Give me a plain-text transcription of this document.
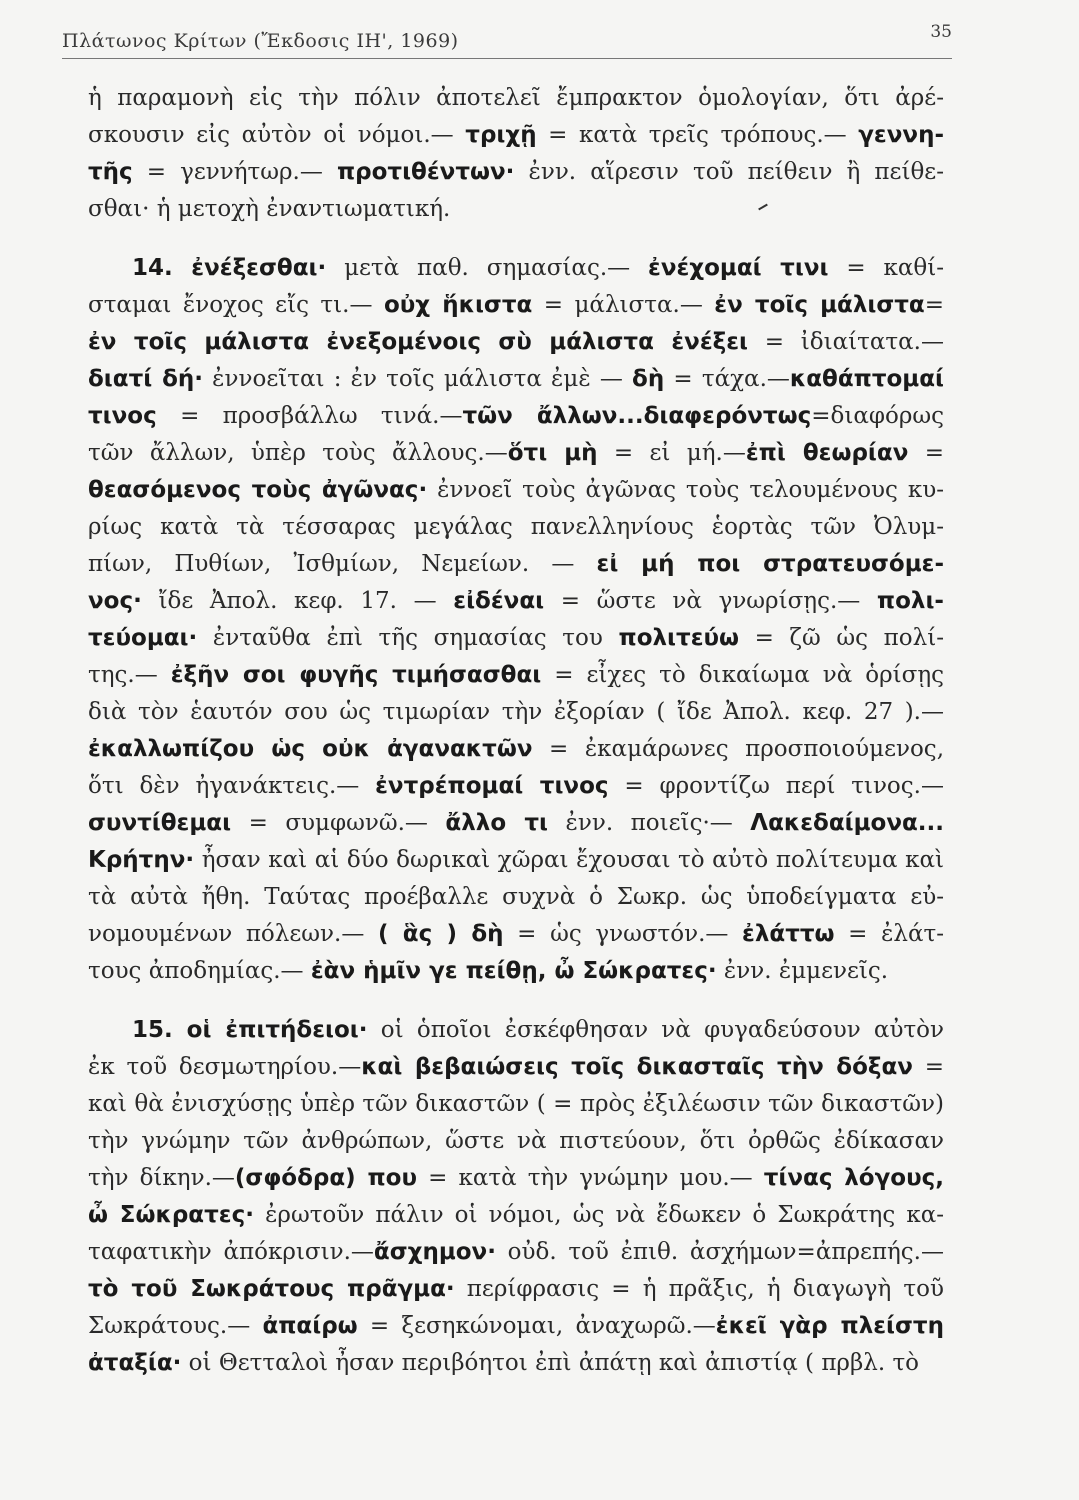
Πλάτωνος Κρίτων (Ἔκδοσις ΙΗ', 1969)	35
ἡ παραμονὴ εἰς τὴν πόλιν ἀποτελεῖ ἔμπρακτον ὁμολογίαν, ὅτι ἀρέ-
σκουσιν εἰς αὐτὸν οἱ νόμοι.— τριχῇ = κατὰ τρεῖς τρόπους.— γεννη-
τῆς = γεννήτωρ.— προτιθέντων· ἐνν. αἵρεσιν τοῦ πείθειν ἢ πείθε-
σθαι· ἡ μετοχὴ ἐναντιωματική.
14. ἐνέξεσθαι· μετὰ παθ. σημασίας.— ἐνέχομαί τινι = καθί-
σταμαι ἔνοχος εἴς τι.— οὐχ ἥκιστα = μάλιστα.— ἐν τοῖς μάλιστα=
ἐν τοῖς μάλιστα ἐνεξομένοις σὺ μάλιστα ἐνέξει = ἰδιαίτατα.—
διατί δή· ἐννοεῖται : ἐν τοῖς μάλιστα ἐμὲ — δὴ = τάχα.—καθάπτομαί
τινος = προσβάλλω τινά.—τῶν ἄλλων...διαφερόντως=διαφόρως
τῶν ἄλλων, ὑπὲρ τοὺς ἄλλους.—ὅτι μὴ = εἰ μή.—ἐπὶ θεωρίαν =
θεασόμενος τοὺς ἀγῶνας· ἐννοεῖ τοὺς ἀγῶνας τοὺς τελουμένους κυ-
ρίως κατὰ τὰ τέσσαρας μεγάλας πανελληνίους ἑορτὰς τῶν Ὀλυμ-
πίων, Πυθίων, Ἰσθμίων, Νεμείων. — εἰ μή ποι στρατευσόμε-
νος· ἴδε Ἀπολ. κεφ. 17. — εἰδέναι = ὥστε νὰ γνωρίσῃς.— πολι-
τεύομαι· ἐνταῦθα ἐπὶ τῆς σημασίας του πολιτεύω = ζῶ ὡς πολί-
της.— ἐξῆν σοι φυγῆς τιμήσασθαι = εἶχες τὸ δικαίωμα νὰ ὁρίσῃς
διὰ τὸν ἑαυτόν σου ὡς τιμωρίαν τὴν ἐξορίαν ( ἴδε Ἀπολ. κεφ. 27 ).—
ἐκαλλωπίζου ὡς οὐκ ἀγανακτῶν = ἐκαμάρωνες προσποιούμενος,
ὅτι δὲν ἠγανάκτεις.— ἐντρέπομαί τινος = φροντίζω περί τινος.—
συντίθεμαι = συμφωνῶ.— ἄλλο τι ἐνν. ποιεῖς·— Λακεδαίμονα...
Κρήτην· ἦσαν καὶ αἱ δύο δωρικαὶ χῶραι ἔχουσαι τὸ αὐτὸ πολίτευμα καὶ
τὰ αὐτὰ ἤθη. Ταύτας προέβαλλε συχνὰ ὁ Σωκρ. ὡς ὑποδείγματα εὐ-
νομουμένων πόλεων.— ( ἃς ) δὴ = ὡς γνωστόν.— ἐλάττω = ἐλάτ-
τους ἀποδημίας.— ἐὰν ἡμῖν γε πείθῃ, ὦ Σώκρατες· ἐνν. ἐμμενεῖς.
15. οἱ ἐπιτήδειοι· οἱ ὁποῖοι ἐσκέφθησαν νὰ φυγαδεύσουν αὐτὸν
ἐκ τοῦ δεσμωτηρίου.—καὶ βεβαιώσεις τοῖς δικασταῖς τὴν δόξαν =
καὶ θὰ ἐνισχύσῃς ὑπὲρ τῶν δικαστῶν ( = πρὸς ἐξιλέωσιν τῶν δικαστῶν)
τὴν γνώμην τῶν ἀνθρώπων, ὥστε νὰ πιστεύουν, ὅτι ὀρθῶς ἐδίκασαν
τὴν δίκην.—(σφόδρα) που = κατὰ τὴν γνώμην μου.— τίνας λόγους,
ὦ Σώκρατες· ἐρωτοῦν πάλιν οἱ νόμοι, ὡς νὰ ἔδωκεν ὁ Σωκράτης κα-
ταφατικὴν ἀπόκρισιν.—ἄσχημον· οὐδ. τοῦ ἐπιθ. ἀσχήμων=ἀπρεπής.—
τὸ τοῦ Σωκράτους πρᾶγμα· περίφρασις = ἡ πρᾶξις, ἡ διαγωγὴ τοῦ
Σωκράτους.— ἀπαίρω = ξεσηκώνομαι, ἀναχωρῶ.—ἐκεῖ γὰρ πλείστη
ἀταξία· οἱ Θετταλοὶ ἦσαν περιβόητοι ἐπὶ ἀπάτῃ καὶ ἀπιστίᾳ ( πρβλ. τὸ
